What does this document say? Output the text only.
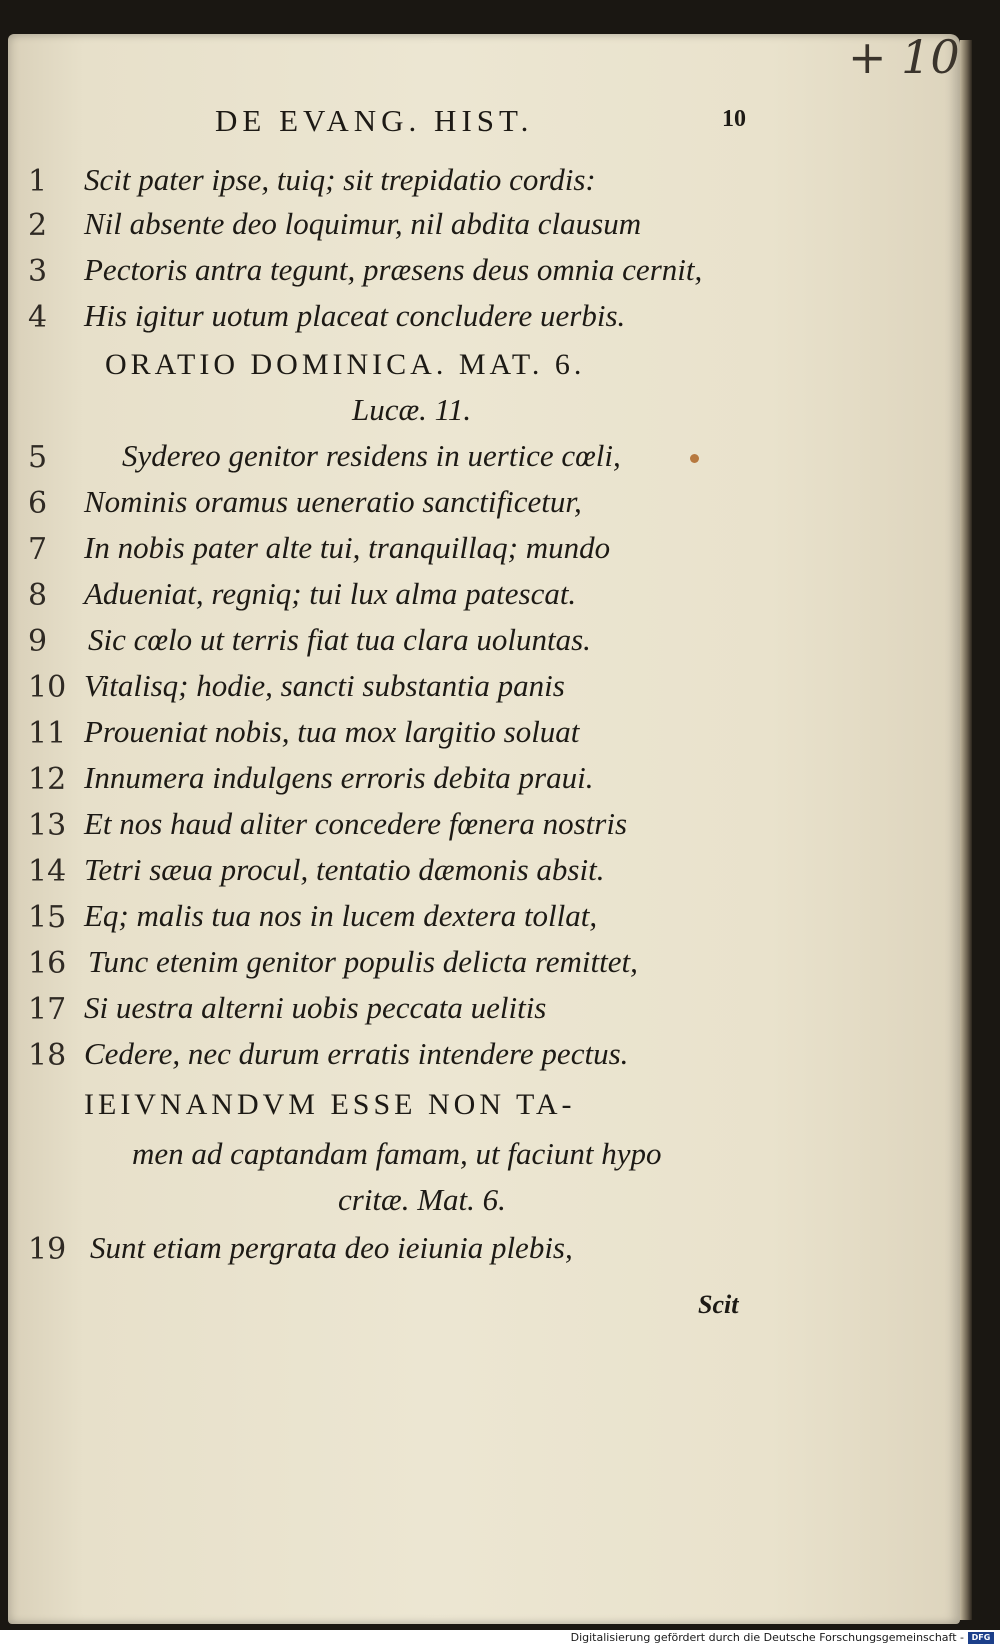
+ 10
DE EVANG. HIST.	10
1 Scit pater ipse, tuiq; sit trepidatio cordis:
2 Nil absente deo loquimur, nil abdita clausum
3 Pectoris antra tegunt, præsens deus omnia cernit,
4 His igitur uotum placeat concludere uerbis.
ORATIO DOMINICA. MAT. 6.
Lucæ. 11.
5 Sydereo genitor residens in uertice cœli,
6 Nominis oramus ueneratio sanctificetur,
7 In nobis pater alte tui, tranquillaq; mundo
8 Adueniat, regniq; tui lux alma patescat.
9 Sic cœlo ut terris fiat tua clara uoluntas.
10 Vitalisq; hodie, sancti substantia panis
11 Proueniat nobis, tua mox largitio soluat
12 Innumera indulgens erroris debita praui.
13 Et nos haud aliter concedere fœnera nostris
14 Tetri sæua procul, tentatio dæmonis absit.
15 Eq; malis tua nos in lucem dextera tollat,
16 Tunc etenim genitor populis delicta remittet,
17 Si uestra alterni uobis peccata uelitis
18 Cedere, nec durum erratis intendere pectus.
IEIVNANDVM ESSE NON TA-
men ad captandam famam, ut faciunt hypo
critæ. Mat. 6.
19 Sunt etiam pergrata deo ieiunia plebis,
Scit
Digitalisierung gefördert durch die Deutsche Forschungsgemeinschaft - DFG
